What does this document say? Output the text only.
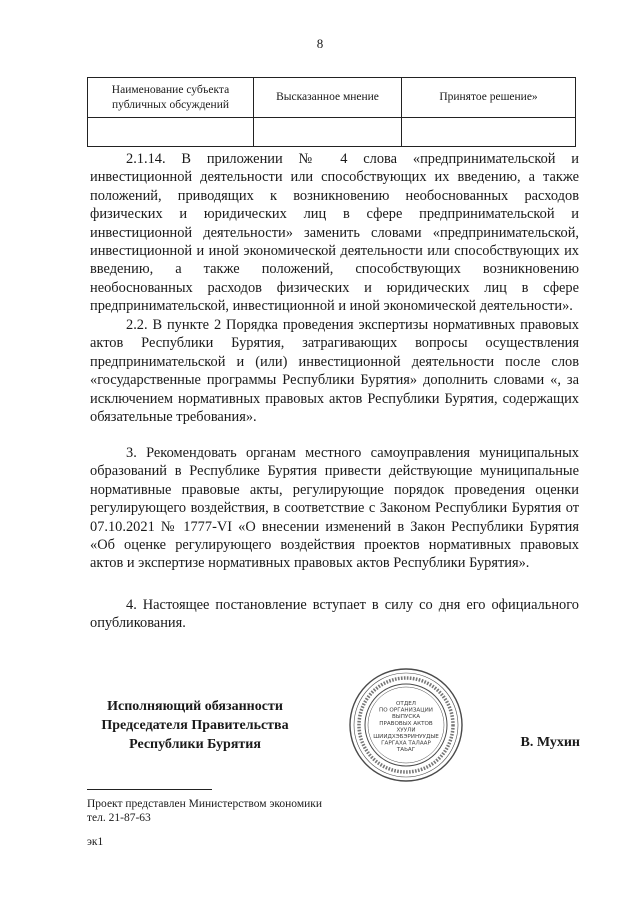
8
Наименование субъекта публичных обсуждений	Высказанное мнение	Принятое решение»

2.1.14. В приложении № 4 слова «предпринимательской и инвестиционной деятельности или способствующих их введению, а также положений, приводящих к возникновению необоснованных расходов физических и юридических лиц в сфере предпринимательской и инвестиционной деятельности» заменить словами «предпринимательской, инвестиционной и иной экономической деятельности или способствующих их введению, а также положений, способствующих возникновению необоснованных расходов физических и юридических лиц в сфере предпринимательской, инвестиционной и иной экономической деятельности».

2.2. В пункте 2 Порядка проведения экспертизы нормативных правовых актов Республики Бурятия, затрагивающих вопросы осуществления предпринимательской и (или) инвестиционной деятельности после слов «государственные программы Республики Бурятия» дополнить словами «, за исключением нормативных правовых актов Республики Бурятия, содержащих обязательные требования».

3. Рекомендовать органам местного самоуправления муниципальных образований в Республике Бурятия привести действующие муниципальные нормативные правовые акты, регулирующие порядок проведения оценки регулирующего воздействия, в соответствие с Законом Республики Бурятия от 07.10.2021 № 1777-VI «О внесении изменений в Закон Республики Бурятия «Об оценке регулирующего воздействия проектов нормативных правовых актов и экспертизе нормативных правовых актов Республики Бурятия».

4. Настоящее постановление вступает в силу со дня его официального опубликования.

Исполняющий обязанности
Председателя Правительства
Республики Бурятия
ОТДЕЛ
ПО ОРГАНИЗАЦИИ
ВЫПУСКА
ПРАВОВЫХ АКТОВ
ХУУЛИ
ШИИДХЭБЭРИНУУДЫЕ
ГАРГАХА ТАЛААР
ТАЬАГ
В. Мухин
Проект представлен Министерством экономики
тел. 21-87-63
эк1
